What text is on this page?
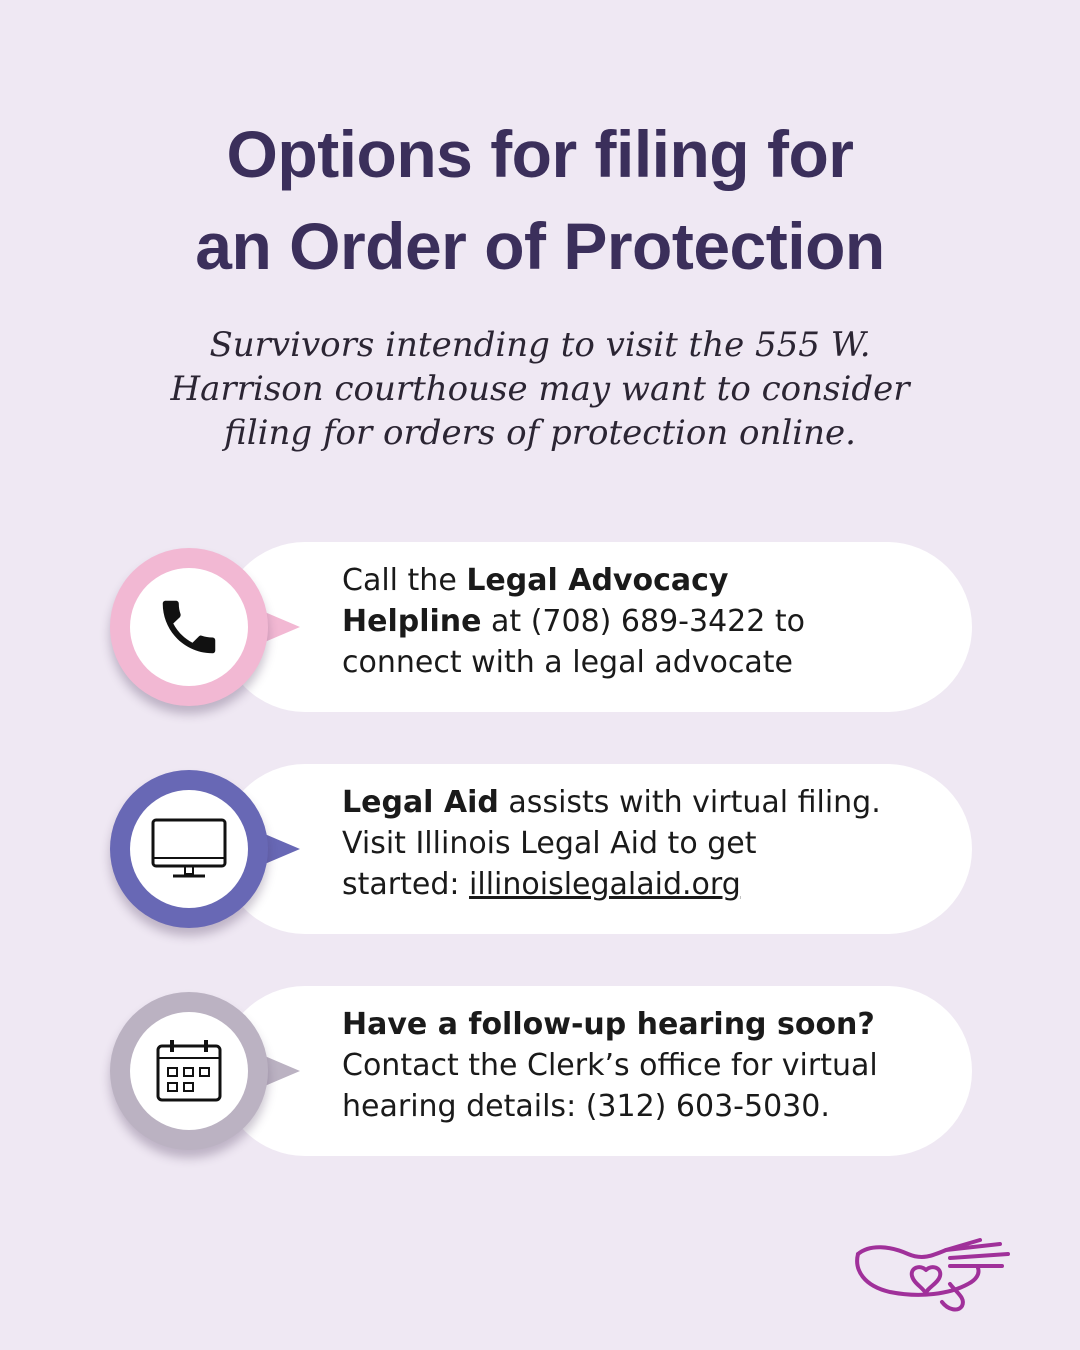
Options for filing for
an Order of Protection
Survivors intending to visit the 555 W.
Harrison courthouse may want to consider
filing for orders of protection online.
Call the Legal Advocacy
Helpline at (708) 689-3422 to
connect with a legal advocate
Legal Aid assists with virtual filing.
Visit Illinois Legal Aid to get
started: illinoislegalaid.org
Have a follow-up hearing soon?
Contact the Clerk’s office for virtual
hearing details: (312) 603-5030.
